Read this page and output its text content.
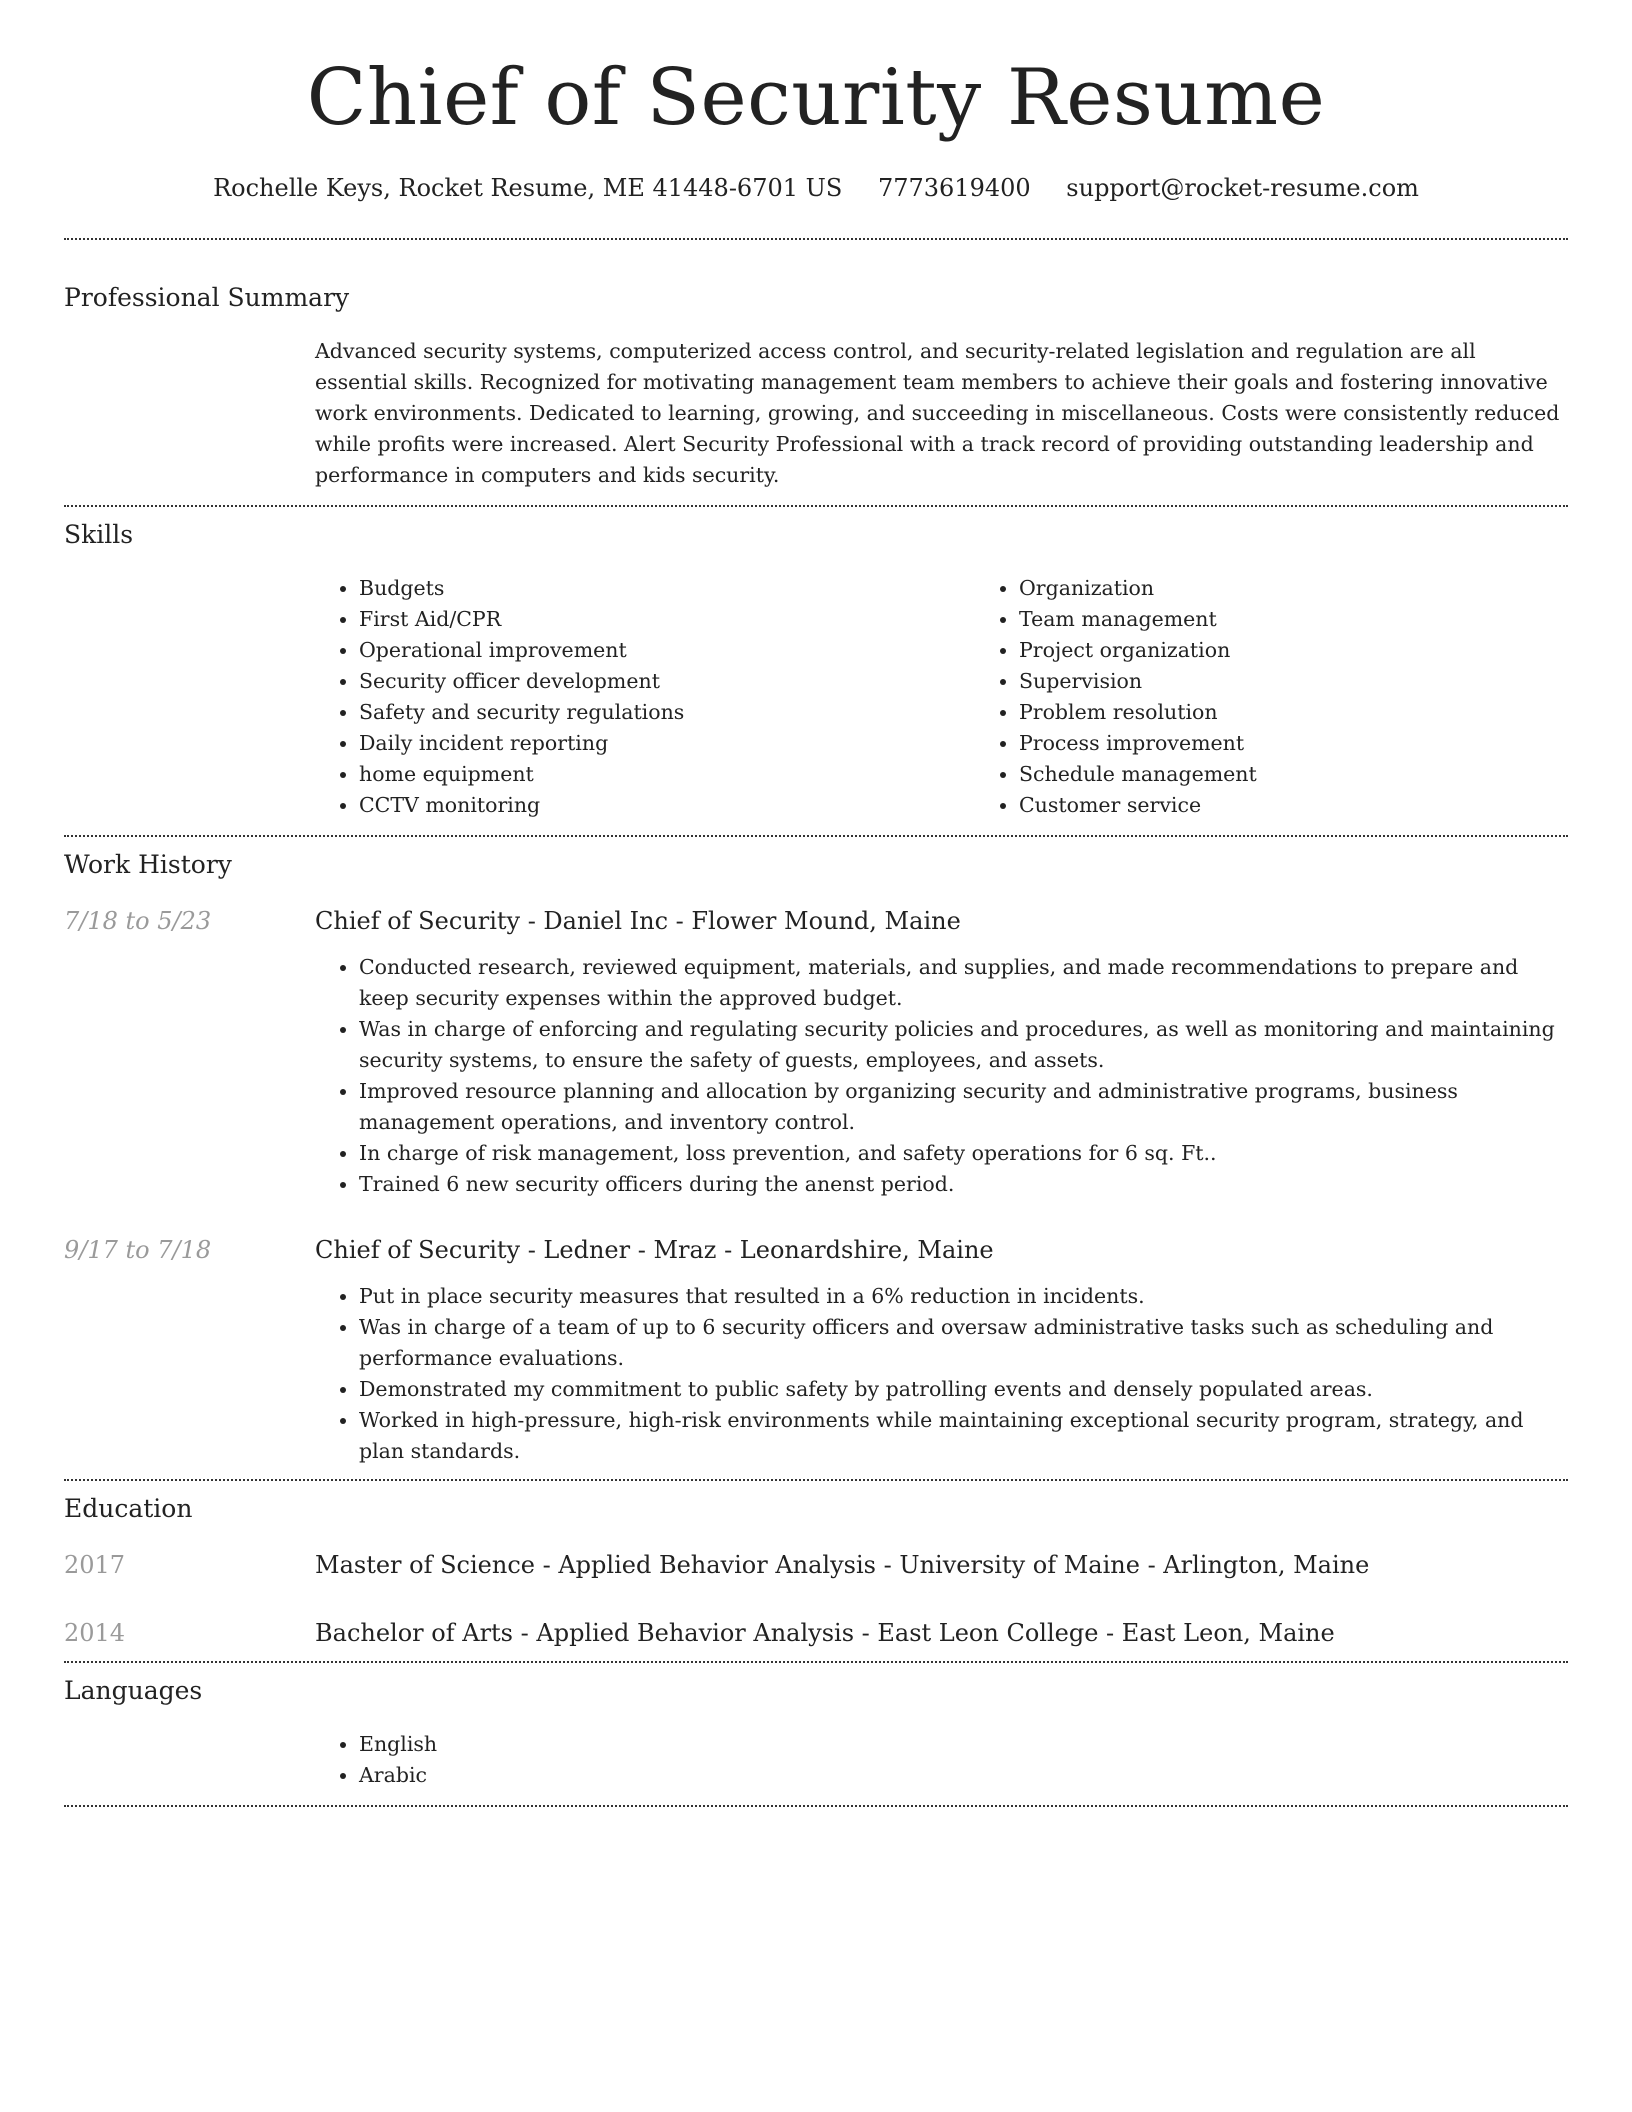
Chief of Security Resume
Rochelle Keys, Rocket Resume, ME 41448-6701 US 7773619400 support@rocket-resume.com
Professional Summary

Advanced security systems, computerized access control, and security-related legislation and regulation are all essential skills. Recognized for motivating management team members to achieve their goals and fostering innovative work environments. Dedicated to learning, growing, and succeeding in miscellaneous. Costs were consistently reduced while profits were increased. Alert Security Professional with a track record of providing outstanding leadership and performance in computers and kids security.

Skills
• Budgets
• First Aid/CPR
• Operational improvement
• Security officer development
• Safety and security regulations
• Daily incident reporting
• home equipment
• CCTV monitoring
• Organization
• Team management
• Project organization
• Supervision
• Problem resolution
• Process improvement
• Schedule management
• Customer service
Work History
7/18 to 5/23	Chief of Security - Daniel Inc - Flower Mound, Maine
• Conducted research, reviewed equipment, materials, and supplies, and made recommendations to prepare and keep security expenses within the approved budget.
• Was in charge of enforcing and regulating security policies and procedures, as well as monitoring and maintaining security systems, to ensure the safety of guests, employees, and assets.
• Improved resource planning and allocation by organizing security and administrative programs, business management operations, and inventory control.
• In charge of risk management, loss prevention, and safety operations for 6 sq. Ft..
• Trained 6 new security officers during the anenst period.
9/17 to 7/18	Chief of Security - Ledner - Mraz - Leonardshire, Maine
• Put in place security measures that resulted in a 6% reduction in incidents.
• Was in charge of a team of up to 6 security officers and oversaw administrative tasks such as scheduling and performance evaluations.
• Demonstrated my commitment to public safety by patrolling events and densely populated areas.
• Worked in high-pressure, high-risk environments while maintaining exceptional security program, strategy, and plan standards.
Education
2017	Master of Science - Applied Behavior Analysis - University of Maine - Arlington, Maine
2014	Bachelor of Arts - Applied Behavior Analysis - East Leon College - East Leon, Maine
Languages
• English
• Arabic
